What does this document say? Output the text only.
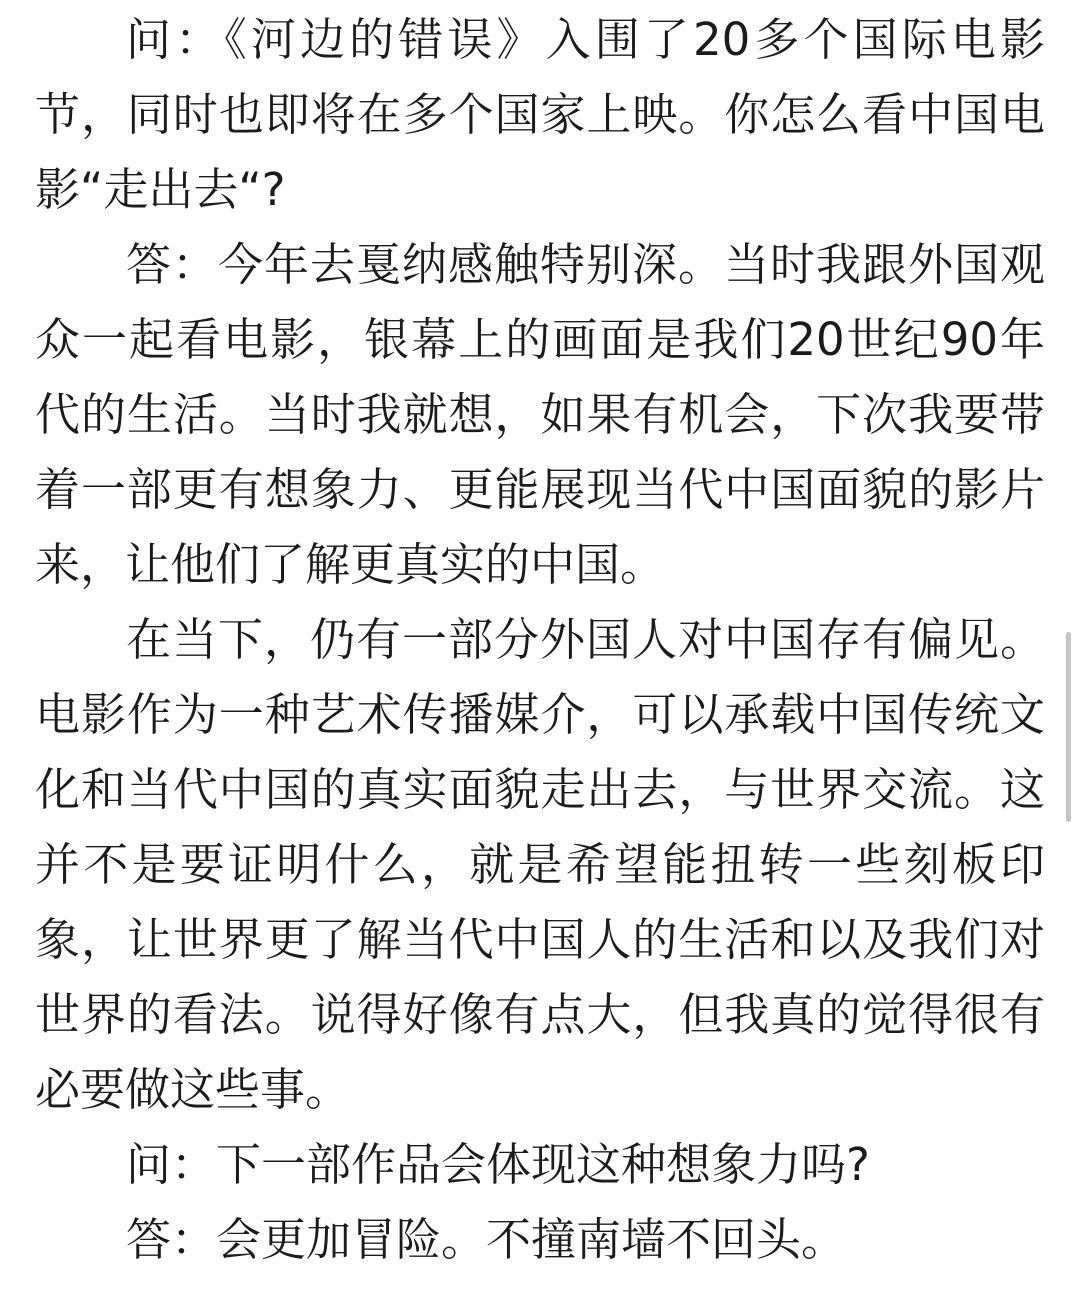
问：《河边的错误》入围了20多个国际电影
节，同时也即将在多个国家上映。你怎么看中国电
影“走出去“?
答：今年去戛纳感触特别深。当时我跟外国观
众一起看电影，银幕上的画面是我们20世纪90年
代的生活。当时我就想，如果有机会，下次我要带
着一部更有想象力、更能展现当代中国面貌的影片
来，让他们了解更真实的中国。
在当下，仍有一部分外国人对中国存有偏见。
电影作为一种艺术传播媒介，可以承载中国传统文
化和当代中国的真实面貌走出去，与世界交流。这
并不是要证明什么，就是希望能扭转一些刻板印
象，让世界更了解当代中国人的生活和以及我们对
世界的看法。说得好像有点大，但我真的觉得很有
必要做这些事。
问：下一部作品会体现这种想象力吗?
答：会更加冒险。不撞南墙不回头。
